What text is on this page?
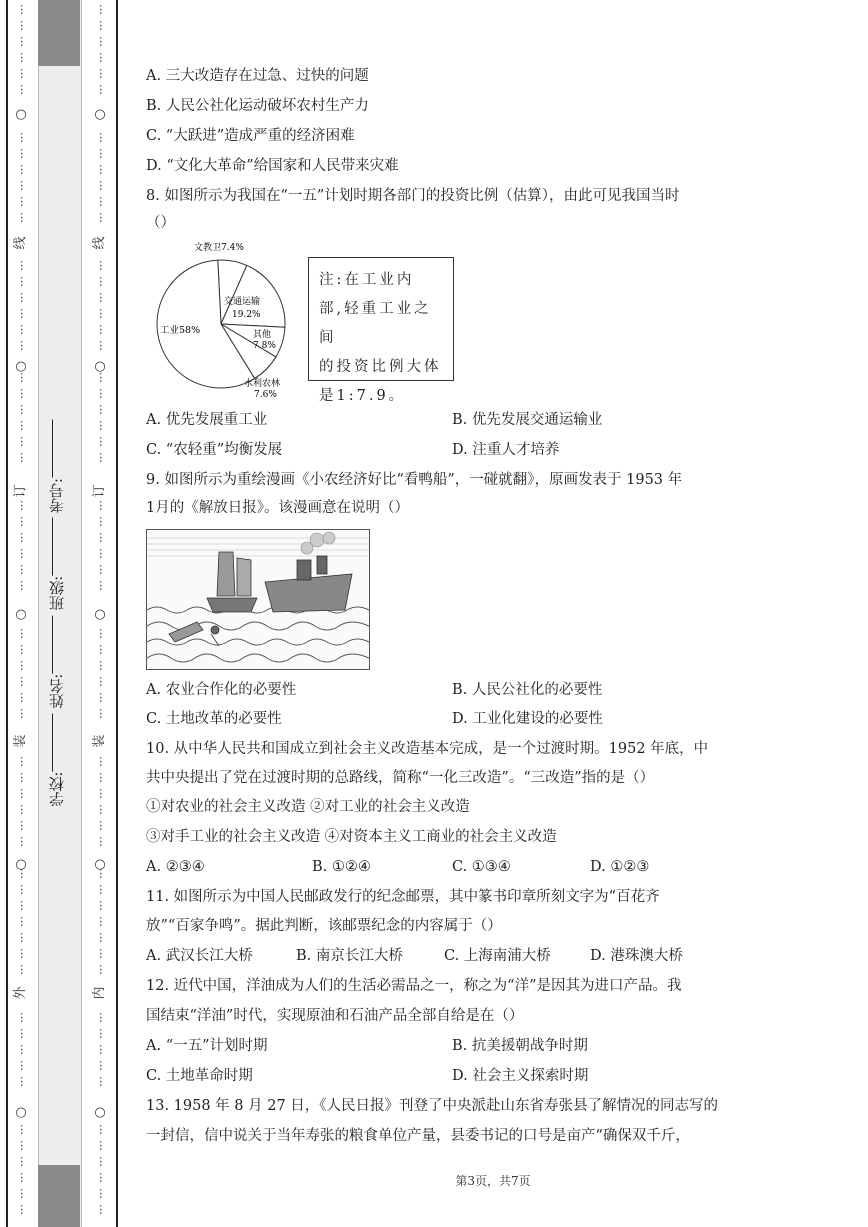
…
…
…
…
…
…
…
…
…
…
…
…
…
…
…
…
…
…
…
…
…
…
…
…
…
…
…
…
…
…
…
…
…
…
…
…
…
…
…
…
…
…
…
…
…
…
…
…
…
…
…
…
…
…
…
…
…
…
…
…
○
○
○
○
○
线
订
装
外
…
…
…
…
…
…
…
…
…
…
…
…
…
…
…
…
…
…
…
…
…
…
…
…
…
…
…
…
…
…
…
…
…
…
…
…
…
…
…
…
…
…
…
…
…
…
…
…
…
…
…
…
…
…
…
…
…
…
…
…
○
○
○
○
○
线
订
装
内
学校: 姓名: 班级: 考号:
A. 三大改造存在过急、过快的问题
B. 人民公社化运动破坏农村生产力
C. “大跃进”造成严重的经济困难
D. “文化大革命”给国家和人民带来灾难
8. 如图所示为我国在“一五”计划时期各部门的投资比例（估算），由此可见我国当时
（）
工业58%
交通运输
19.2%
其他
7.8%
水利农林
7.6%
文教卫7.4%
注:在工业内
部,轻重工业之间
的投资比例大体
是1:7.9。
A. 优先发展重工业	B. 优先发展交通运输业
C. “农轻重”均衡发展	D. 注重人才培养
9. 如图所示为重绘漫画《小农经济好比“看鸭船”，一碰就翻》，原画发表于 1953 年
1月的《解放日报》。该漫画意在说明（）
A. 农业合作化的必要性	B. 人民公社化的必要性
C. 土地改革的必要性	D. 工业化建设的必要性
10. 从中华人民共和国成立到社会主义改造基本完成，是一个过渡时期。1952 年底，中
共中央提出了党在过渡时期的总路线，简称“一化三改造”。“三改造”指的是（）
①对农业的社会主义改造 ②对工业的社会主义改造
③对手工业的社会主义改造 ④对资本主义工商业的社会主义改造
A. ②③④	B. ①②④	C. ①③④	D. ①②③
11. 如图所示为中国人民邮政发行的纪念邮票，其中篆书印章所刻文字为“百花齐
放”“百家争鸣”。据此判断，该邮票纪念的内容属于（）
A. 武汉长江大桥	B. 南京长江大桥	C. 上海南浦大桥	D. 港珠澳大桥
12. 近代中国，洋油成为人们的生活必需品之一，称之为“洋”是因其为进口产品。我
国结束“洋油”时代，实现原油和石油产品全部自给是在（）
A. “一五”计划时期	B. 抗美援朝战争时期
C. 土地革命时期	D. 社会主义探索时期
13. 1958 年 8 月 27 日，《人民日报》刊登了中央派赴山东省寿张县了解情况的同志写的
一封信，信中说关于当年寿张的粮食单位产量，县委书记的口号是亩产“确保双千斤，
第3页，共7页
